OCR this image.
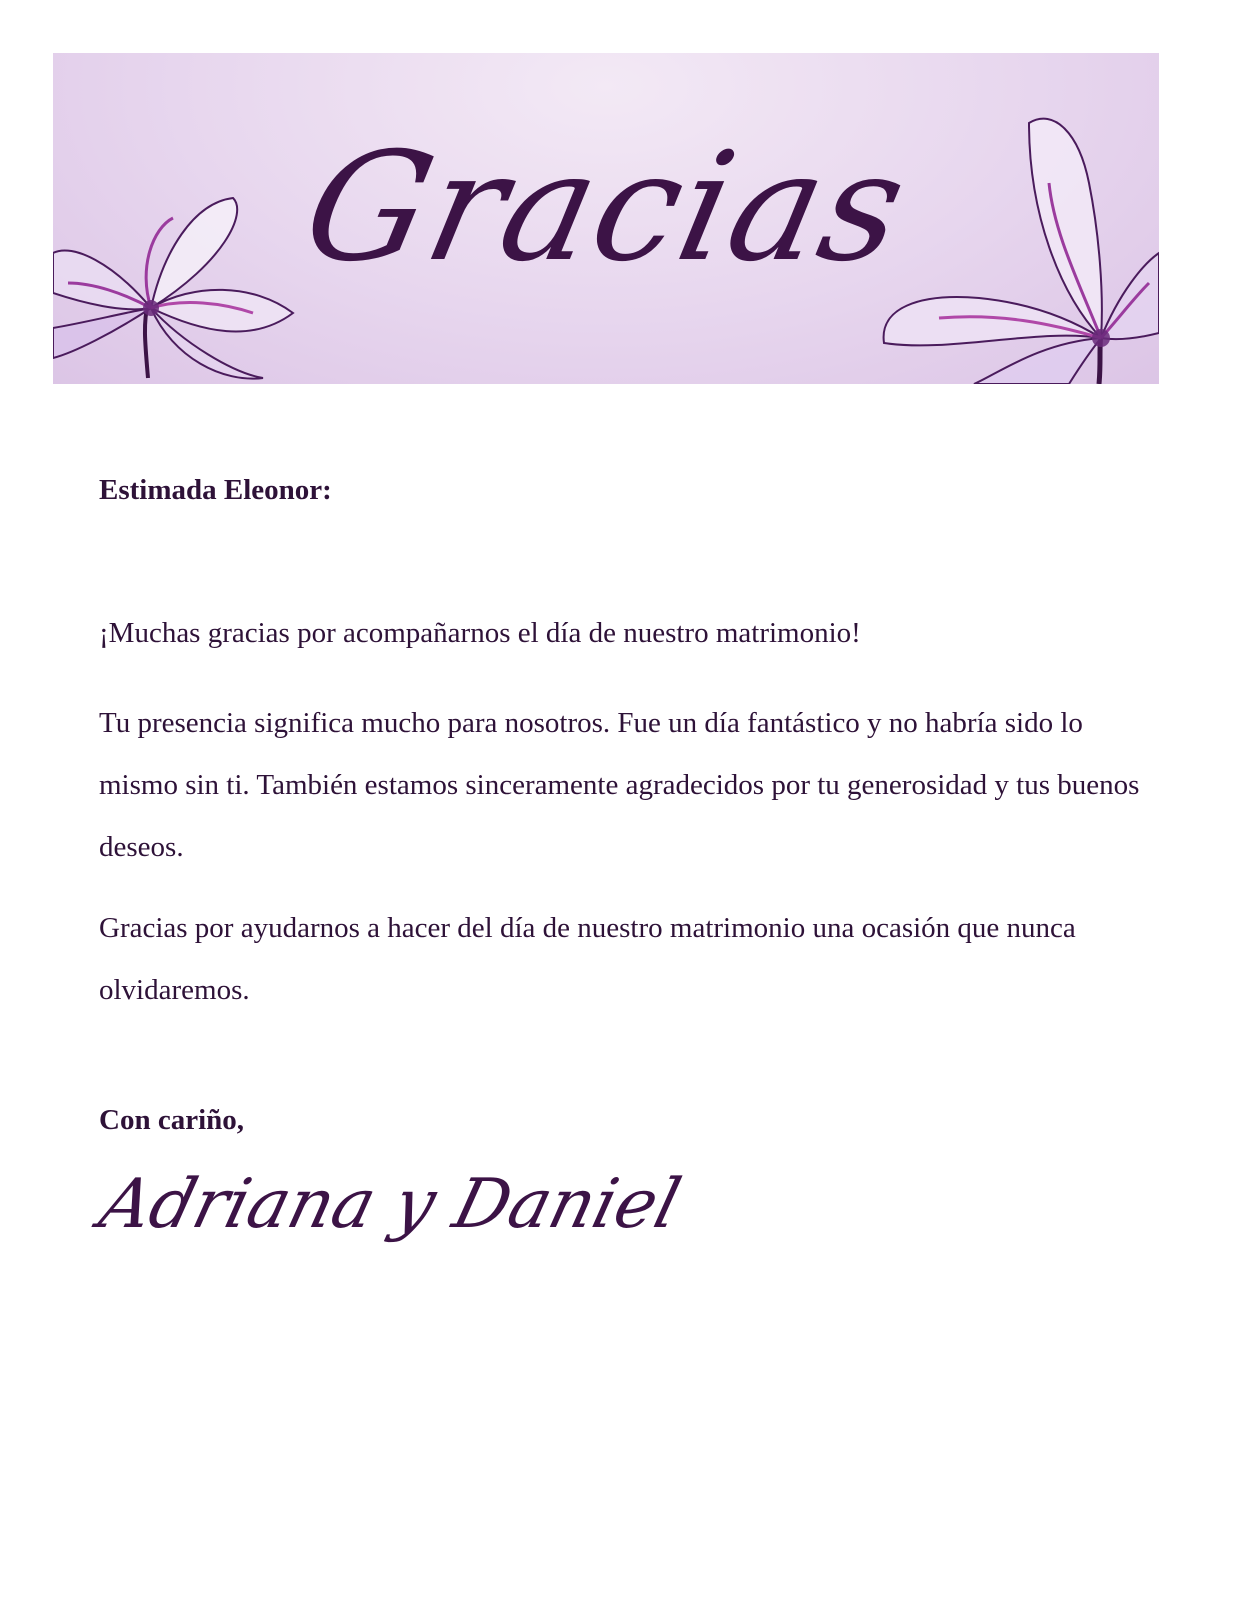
Gracias
Estimada Eleonor:
¡Muchas gracias por acompañarnos el día de nuestro matrimonio!
Tu presencia significa mucho para nosotros. Fue un día fantástico y no habría sido lo mismo sin ti. También estamos sinceramente agradecidos por tu generosidad y tus buenos deseos.
Gracias por ayudarnos a hacer del día de nuestro matrimonio una ocasión que nunca olvidaremos.
Con cariño,
Adriana y Daniel
